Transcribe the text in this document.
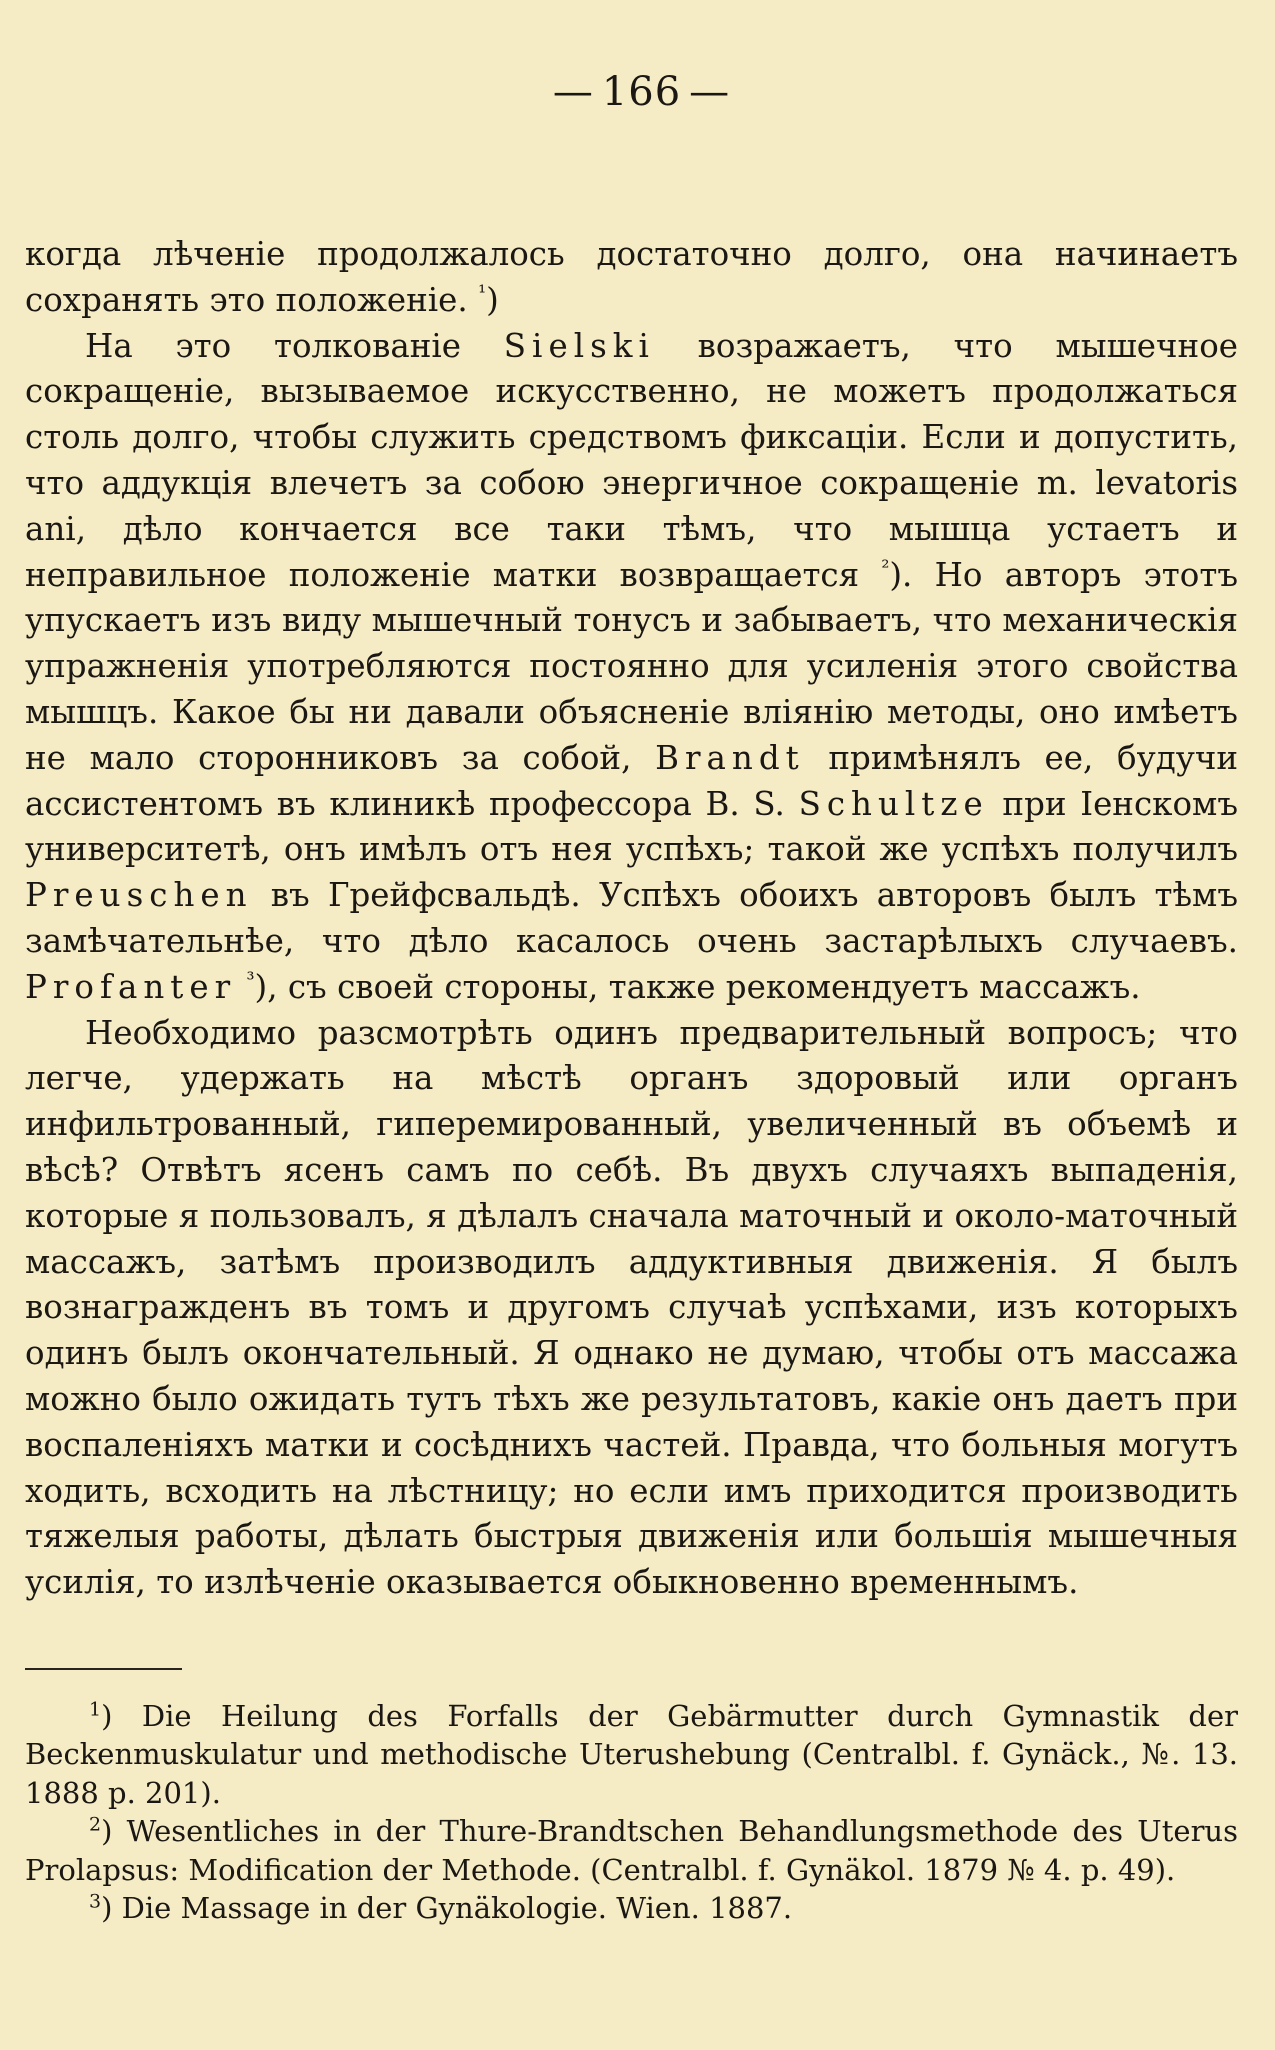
— 166 —

когда лѣченіе продолжалось достаточно долго, она начинаетъ сохранять это положеніе. $^{^1}$)

На это толкованіе Sielski возражаетъ, что мышечное сокращеніе, вызываемое искусственно, не можетъ продолжаться столь долго, чтобы служить средствомъ фиксаціи. Если и допустить, что аддукція влечетъ за собою энергичное сокращеніе m. levatoris ani, дѣло кончается все таки тѣмъ, что мышца устаетъ и неправильное положеніе матки возвращается $^{^2}$). Но авторъ этотъ упускаетъ изъ виду мышечный тонусъ и забываетъ, что механическія упражненія употребляются постоянно для усиленія этого свойства мышцъ. Какое бы ни давали объясненіе вліянію методы, оно имѣетъ не мало сторонниковъ за собой, Brandt примѣнялъ ее, будучи ассистентомъ въ клиникѣ профессора B. S. Schultze при Іенскомъ университетѣ, онъ имѣлъ отъ нея успѣхъ; такой же успѣхъ получилъ Preuschen въ Грейфсвальдѣ. Успѣхъ обоихъ авторовъ былъ тѣмъ замѣчательнѣе, что дѣло касалось очень застарѣлыхъ случаевъ. Profanter $^{^3}$), съ своей стороны, также рекомендуетъ массажъ.

Необходимо разсмотрѣть одинъ предварительный вопросъ; что легче, удержать на мѣстѣ органъ здоровый или органъ инфильтрованный, гиперемированный, увеличенный въ объемѣ и вѣсѣ? Отвѣтъ ясенъ самъ по себѣ. Въ двухъ случаяхъ выпаденія, которые я пользовалъ, я дѣлалъ сначала маточный и около-маточный массажъ, затѣмъ производилъ аддуктивныя движенія. Я былъ вознагражденъ въ томъ и другомъ случаѣ успѣхами, изъ которыхъ одинъ былъ окончательный. Я однако не думаю, чтобы отъ массажа можно было ожидать тутъ тѣхъ же результатовъ, какіе онъ даетъ при воспаленіяхъ матки и сосѣднихъ частей. Правда, что больныя могутъ ходить, всходить на лѣстницу; но если имъ приходится производить тяжелыя работы, дѣлать быстрыя движенія или большія мышечныя усилія, то излѣченіе оказывается обыкновенно временнымъ.

$^1$) Die Heilung des Forfalls der Gebärmutter durch Gymnastik der Beckenmuskulatur und methodische Uterushebung (Centralbl. f. Gynäck., №. 13. 1888 p. 201).

$^2$) Wesentliches in der Thure-Brandtschen Behandlungsmethode des Uterus Prolapsus: Modification der Methode. (Centralbl. f. Gynäkol. 1879 № 4. p. 49).

$^3$) Die Massage in der Gynäkologie. Wien. 1887.
